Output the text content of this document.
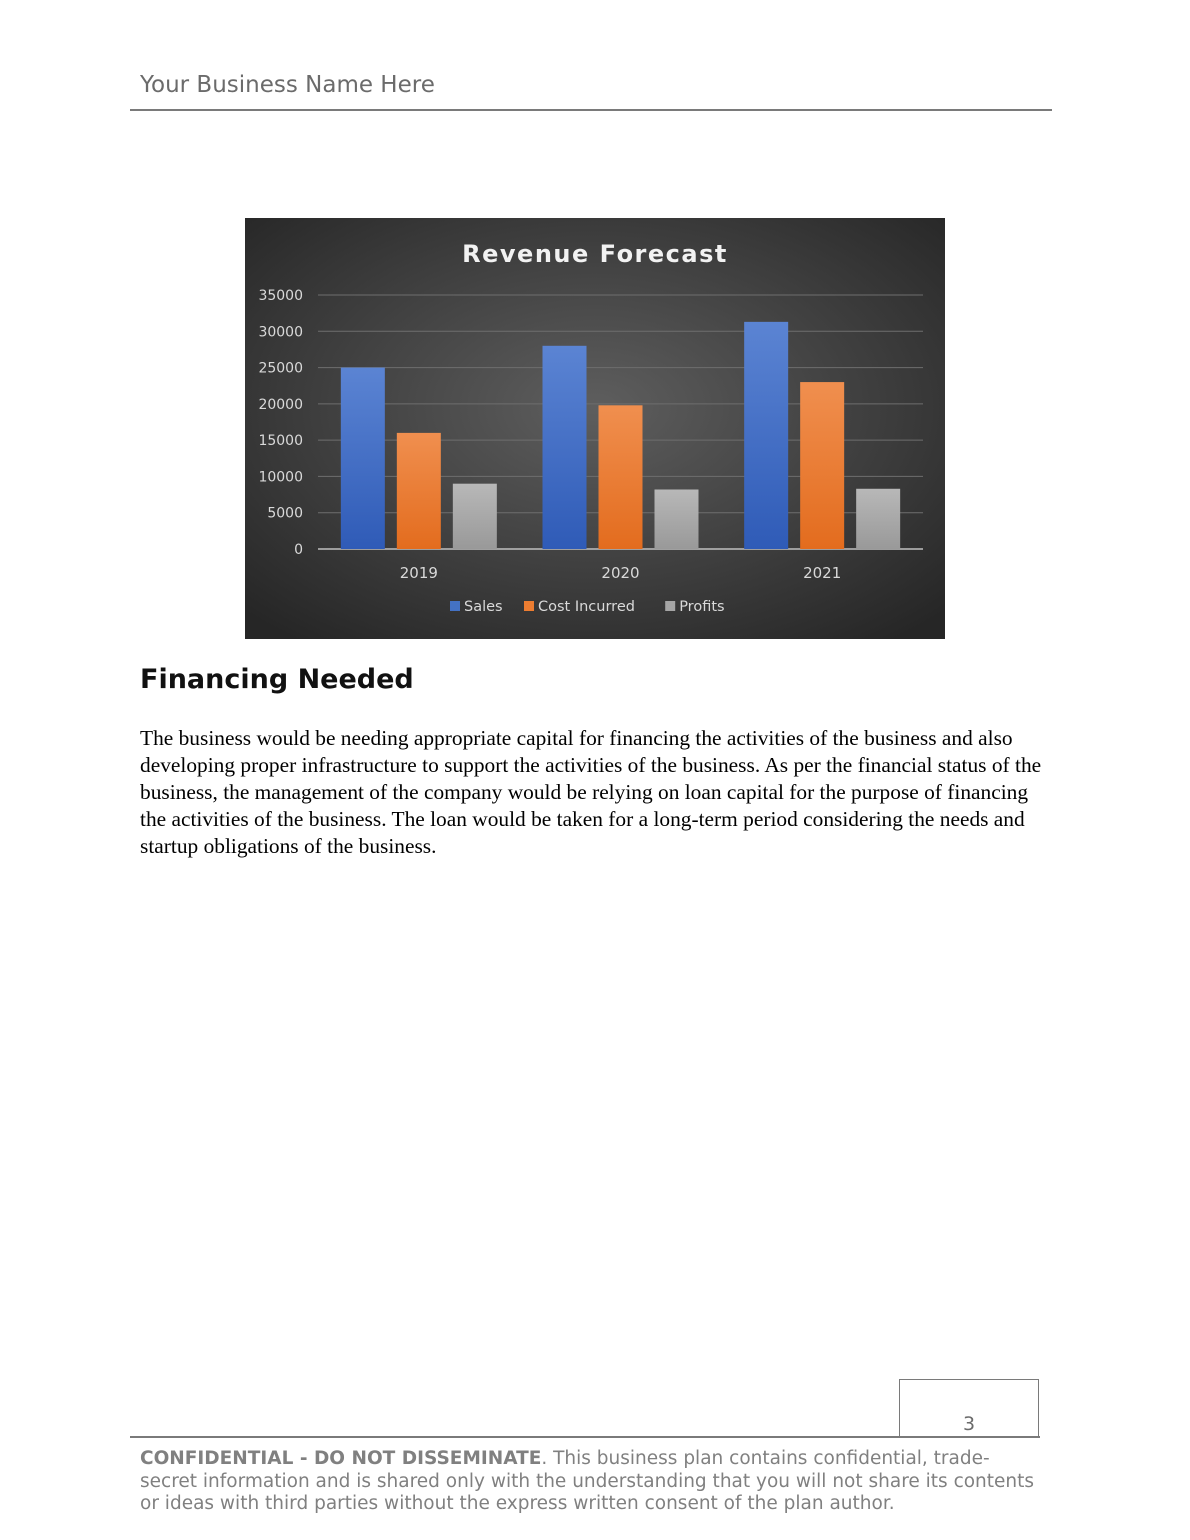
Your Business Name Here
Revenue Forecast
0
5000
10000
15000
20000
25000
30000
35000
2019	2020	2021
Sales Cost Incurred	Profits
Financing Needed

The business would be needing appropriate capital for financing the activities of the business and also developing proper infrastructure to support the activities of the business. As per the financial status of the business, the management of the company would be relying on loan capital for the purpose of financing the activities of the business. The loan would be taken for a long-term period considering the needs and startup obligations of the business.

3

CONFIDENTIAL - DO NOT DISSEMINATE. This business plan contains confidential, trade-secret information and is shared only with the understanding that you will not share its contents or ideas with third parties without the express written consent of the plan author.
